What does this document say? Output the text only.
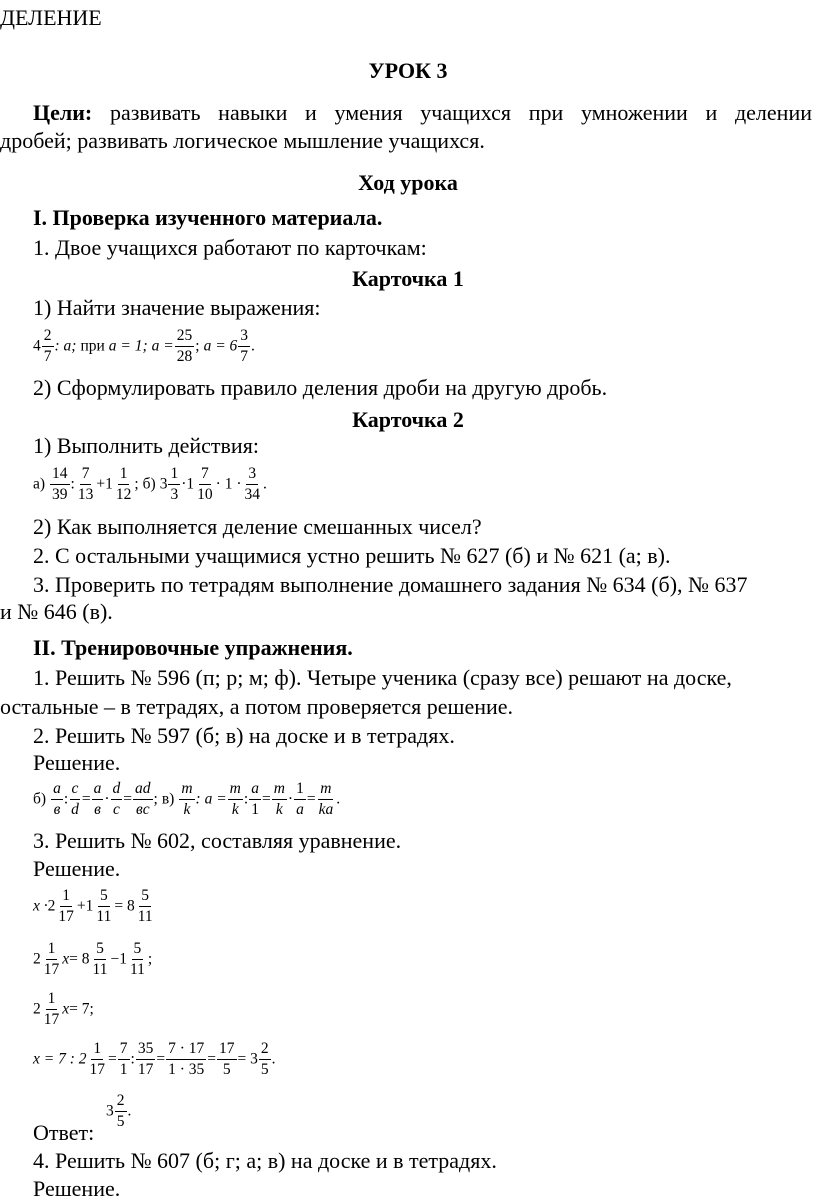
ДЕЛЕНИЕ
УРОК 3
Цели: развивать навыки и умения учащихся при умножении и делении
дробей; развивать логическое мышление учащихся.
Ход урока
I. Проверка изученного материала.
1. Двое учащихся работают по карточкам:
Карточка 1
1) Найти значение выражения:
$4 \frac{2}{7}$ : a; при a = 1; $a = \frac{25}{28}$ ; $a = 6 \frac{3}{7}$ .
2) Сформулировать правило деления дроби на другую дробь.
Карточка 2
1) Выполнить действия:
$а) \frac{14}{39}$ : $\frac{7}{13} +1 \frac{1}{12}$ ; б) $3 \frac{1}{3} \cdot 1 \frac{7}{10} \cdot 1 \cdot \frac{3}{34}$ .
2) Как выполняется деление смешанных чисел?
2. С остальными учащимися устно решить № 627 (б) и № 621 (а; в).
3. Проверить по тетрадям выполнение домашнего задания № 634 (б), № 637
и № 646 (в).
II. Тренировочные упражнения.
1. Решить № 596 (п; р; м; ф). Четыре ученика (сразу все) решают на доске,
остальные – в тетрадях, а потом проверяется решение.
2. Решить № 597 (б; в) на доске и в тетрадях.
Решение.
$б) \frac{a}{в}$ : $\frac{c}{d} = \frac{a}{в} \cdot \frac{d}{c} = \frac{ad}{вc}$ ; $в) \frac{m}{k}$ : $a = \frac{m}{k}$ : $\frac{a}{1} = \frac{m}{k} \cdot \frac{1}{a} = \frac{m}{ka}$ .
3. Решить № 602, составляя уравнение.
Решение.
$x \cdot 2 \frac{1}{17} +1 \frac{5}{11} = 8 \frac{5}{11}$
$2 \frac{1}{17} x= 8 \frac{5}{11} -1 \frac{5}{11}$ ;
$2 \frac{1}{17} x= 7$;
x = 7 : $2 \frac{1}{17} = \frac{7}{1}$ : $\frac{35}{17} = \frac{7 \cdot 17}{1 \cdot 35} = \frac{17}{5} = 3 \frac{2}{5}$ .
Ответ:
$3 \frac{2}{5}$ .
4. Решить № 607 (б; г; а; в) на доске и в тетрадях.
Решение.
